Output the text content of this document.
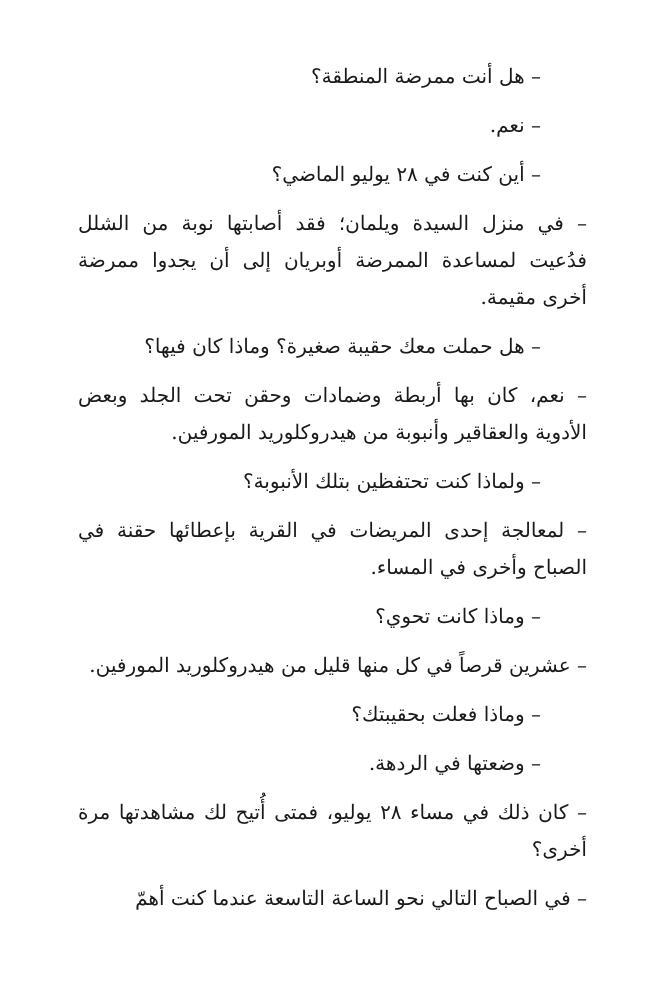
– هل أنت ممرضة المنطقة؟

– نعم.

– أين كنت في ٢٨ يوليو الماضي؟

– في منزل السيدة ويلمان؛ فقد أصابتها نوبة من الشلل فدُعيت لمساعدة الممرضة أوبريان إلى أن يجدوا ممرضة أخرى مقيمة.

– هل حملت معك حقيبة صغيرة؟ وماذا كان فيها؟

– نعم، كان بها أربطة وضمادات وحقن تحت الجلد وبعض الأدوية والعقاقير وأنبوبة من هيدروكلوريد المورفين.

– ولماذا كنت تحتفظين بتلك الأنبوبة؟

– لمعالجة إحدى المريضات في القرية بإعطائها حقنة في الصباح وأخرى في المساء.

– وماذا كانت تحوي؟

– عشرين قرصاً في كل منها قليل من هيدروكلوريد المورفين.

– وماذا فعلت بحقيبتك؟

– وضعتها في الردهة.

– كان ذلك في مساء ٢٨ يوليو، فمتى أُتيح لك مشاهدتها مرة أخرى؟

– في الصباح التالي نحو الساعة التاسعة عندما كنت أهمّ
